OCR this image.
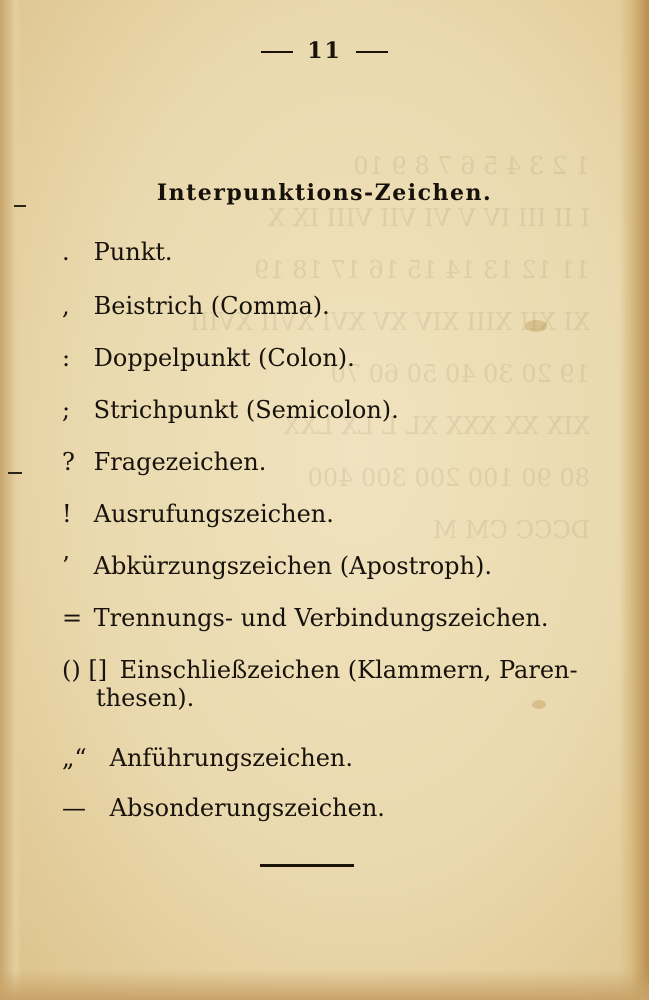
1 2 3 4 5 6 7 8 9 10
I II III IV V VI VII VIII IX X
11 12 13 14 15 16 17 18 19
XI XII XIII XIV XV XVI XVII XVIII
19 20 30 40 50 60 70
XIX XX XXX XL L LX LXX
80 90 100 200 300 400
DCCC CM M
11
Interpunktions-Zeichen.
. Punkt.
, Beistrich (Comma).
: Doppelpunkt (Colon).
; Strichpunkt (Semicolon).
? Fragezeichen.
! Ausrufungszeichen.
’ Abkürzungszeichen (Apostroph).
= Trennungs- und Verbindungszeichen.
() [] Einschließzeichen (Klammern, Paren-

thesen).
„“ Anführungszeichen.
— Absonderungszeichen.
